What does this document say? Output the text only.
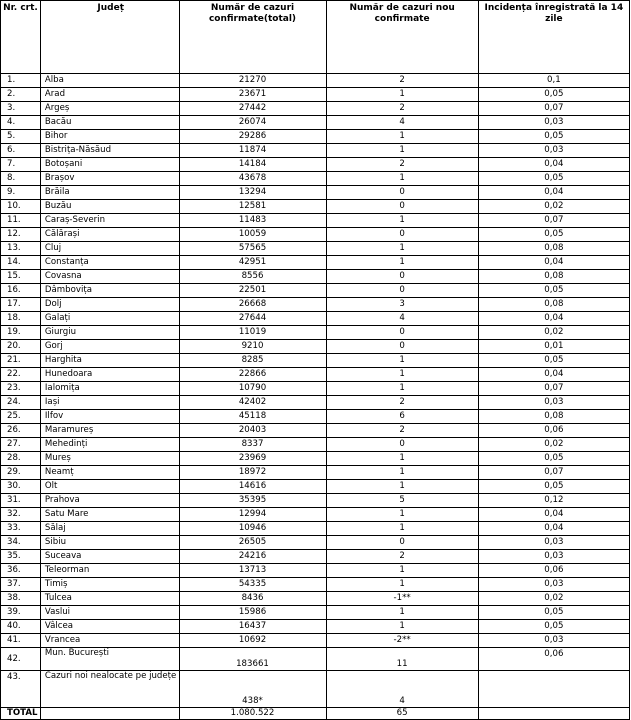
Nr. crt.	Județ	Număr de cazuri confirmate(total)	Număr de cazuri nou confirmate	Incidența înregistrată la 14 zile
1.	Alba	21270	2	0,1
2.	Arad	23671	1	0,05
3.	Argeș	27442	2	0,07
4.	Bacău	26074	4	0,03
5.	Bihor	29286	1	0,05
6.	Bistrița-Năsăud	11874	1	0,03
7.	Botoșani	14184	2	0,04
8.	Brașov	43678	1	0,05
9.	Brăila	13294	0	0,04
10.	Buzău	12581	0	0,02
11.	Caraș-Severin	11483	1	0,07
12.	Călărași	10059	0	0,05
13.	Cluj	57565	1	0,08
14.	Constanța	42951	1	0,04
15.	Covasna	8556	0	0,08
16.	Dâmbovița	22501	0	0,05
17.	Dolj	26668	3	0,08
18.	Galați	27644	4	0,04
19.	Giurgiu	11019	0	0,02
20.	Gorj	9210	0	0,01
21.	Harghita	8285	1	0,05
22.	Hunedoara	22866	1	0,04
23.	Ialomița	10790	1	0,07
24.	Iași	42402	2	0,03
25.	Ilfov	45118	6	0,08
26.	Maramureș	20403	2	0,06
27.	Mehedinți	8337	0	0,02
28.	Mureș	23969	1	0,05
29.	Neamț	18972	1	0,07
30.	Olt	14616	1	0,05
31.	Prahova	35395	5	0,12
32.	Satu Mare	12994	1	0,04
33.	Sălaj	10946	1	0,04
34.	Sibiu	26505	0	0,03
35.	Suceava	24216	2	0,03
36.	Teleorman	13713	1	0,06
37.	Timiș	54335	1	0,03
38.	Tulcea	8436	-1**	0,02
39.	Vaslui	15986	1	0,05
40.	Vâlcea	16437	1	0,05
41.	Vrancea	10692	-2**	0,03
42.	Mun. București	183661	11	0,06
43.	Cazuri noi nealocate pe județe	438*	4	
TOTAL		1.080.522	65	
